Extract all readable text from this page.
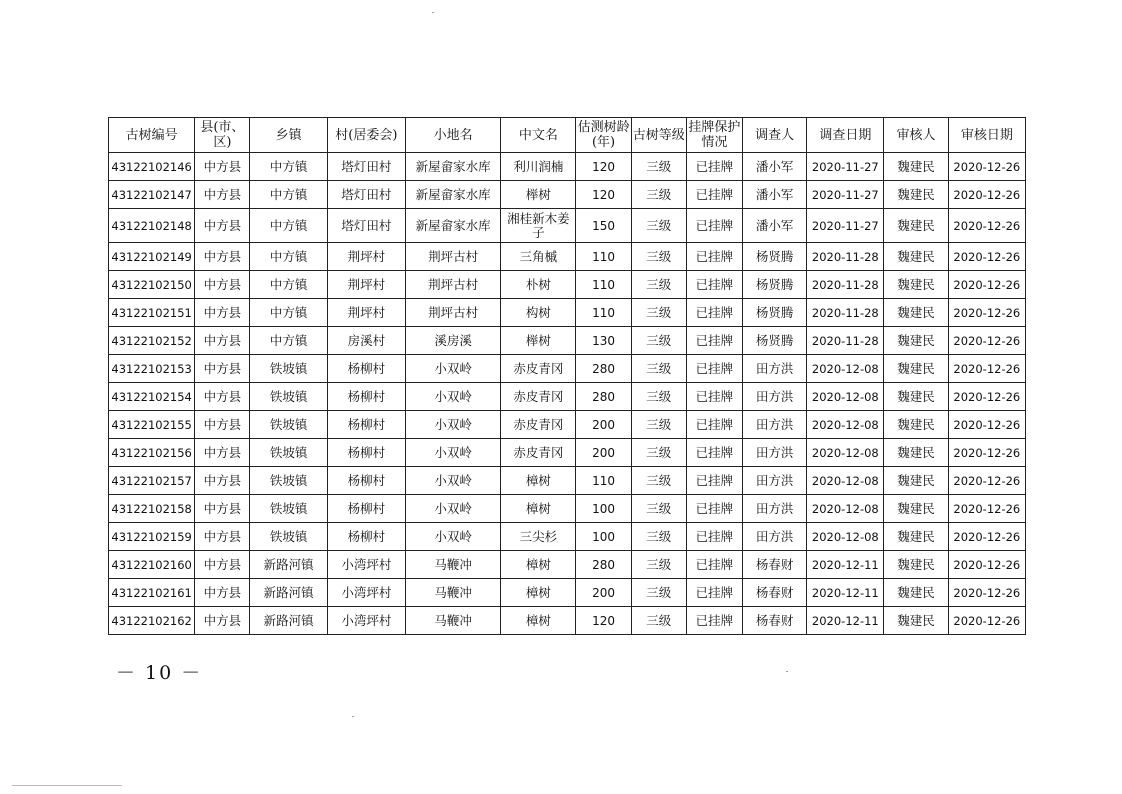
古树编号	县(市、区)	乡镇	村(居委会)	小地名	中文名	估测树龄(年)	古树等级	挂牌保护情况	调查人	调查日期	审核人	审核日期
43122102146	中方县	中方镇	塔灯田村	新屋畲家水库	利川润楠	120	三级	已挂牌	潘小军	2020-11-27	魏建民	2020-12-26
43122102147	中方县	中方镇	塔灯田村	新屋畲家水库	榉树	120	三级	已挂牌	潘小军	2020-11-27	魏建民	2020-12-26
43122102148	中方县	中方镇	塔灯田村	新屋畲家水库	湘桂新木姜子	150	三级	已挂牌	潘小军	2020-11-27	魏建民	2020-12-26
43122102149	中方县	中方镇	荆坪村	荆坪古村	三角槭	110	三级	已挂牌	杨贤腾	2020-11-28	魏建民	2020-12-26
43122102150	中方县	中方镇	荆坪村	荆坪古村	朴树	110	三级	已挂牌	杨贤腾	2020-11-28	魏建民	2020-12-26
43122102151	中方县	中方镇	荆坪村	荆坪古村	构树	110	三级	已挂牌	杨贤腾	2020-11-28	魏建民	2020-12-26
43122102152	中方县	中方镇	房溪村	溪房溪	榉树	130	三级	已挂牌	杨贤腾	2020-11-28	魏建民	2020-12-26
43122102153	中方县	铁坡镇	杨柳村	小双岭	赤皮青冈	280	三级	已挂牌	田方洪	2020-12-08	魏建民	2020-12-26
43122102154	中方县	铁坡镇	杨柳村	小双岭	赤皮青冈	280	三级	已挂牌	田方洪	2020-12-08	魏建民	2020-12-26
43122102155	中方县	铁坡镇	杨柳村	小双岭	赤皮青冈	200	三级	已挂牌	田方洪	2020-12-08	魏建民	2020-12-26
43122102156	中方县	铁坡镇	杨柳村	小双岭	赤皮青冈	200	三级	已挂牌	田方洪	2020-12-08	魏建民	2020-12-26
43122102157	中方县	铁坡镇	杨柳村	小双岭	樟树	110	三级	已挂牌	田方洪	2020-12-08	魏建民	2020-12-26
43122102158	中方县	铁坡镇	杨柳村	小双岭	樟树	100	三级	已挂牌	田方洪	2020-12-08	魏建民	2020-12-26
43122102159	中方县	铁坡镇	杨柳村	小双岭	三尖杉	100	三级	已挂牌	田方洪	2020-12-08	魏建民	2020-12-26
43122102160	中方县	新路河镇	小湾坪村	马鞭冲	樟树	280	三级	已挂牌	杨春财	2020-12-11	魏建民	2020-12-26
43122102161	中方县	新路河镇	小湾坪村	马鞭冲	樟树	200	三级	已挂牌	杨春财	2020-12-11	魏建民	2020-12-26
43122102162	中方县	新路河镇	小湾坪村	马鞭冲	樟树	120	三级	已挂牌	杨春财	2020-12-11	魏建民	2020-12-26
－ 10 －
